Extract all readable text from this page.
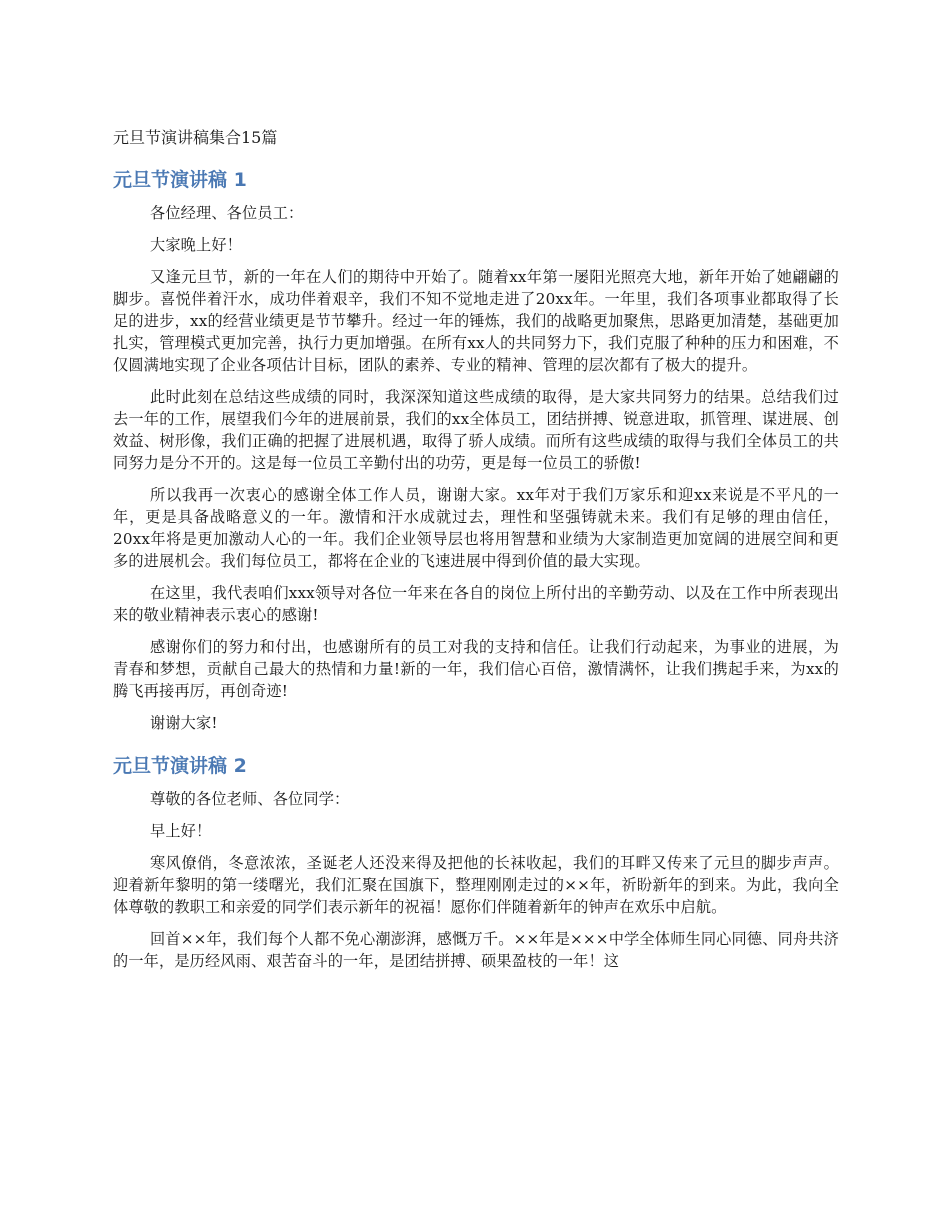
元旦节演讲稿集合15篇
元旦节演讲稿 1

各位经理、各位员工：

大家晚上好！

又逢元旦节，新的一年在人们的期待中开始了。随着xx年第一屡阳光照亮大地，新年开始了她翩翩的脚步。喜悦伴着汗水，成功伴着艰辛，我们不知不觉地走进了20xx年。一年里，我们各项事业都取得了长足的进步，xx的经营业绩更是节节攀升。经过一年的锤炼，我们的战略更加聚焦，思路更加清楚，基础更加扎实，管理模式更加完善，执行力更加增强。在所有xx人的共同努力下，我们克服了种种的压力和困难，不仅圆满地实现了企业各项估计目标，团队的素养、专业的精神、管理的层次都有了极大的提升。

此时此刻在总结这些成绩的同时，我深深知道这些成绩的取得，是大家共同努力的结果。总结我们过去一年的工作，展望我们今年的进展前景，我们的xx全体员工，团结拼搏、锐意进取，抓管理、谋进展、创效益、树形像，我们正确的把握了进展机遇，取得了骄人成绩。而所有这些成绩的取得与我们全体员工的共同努力是分不开的。这是每一位员工辛勤付出的功劳，更是每一位员工的骄傲!

所以我再一次衷心的感谢全体工作人员，谢谢大家。xx年对于我们万家乐和迎xx来说是不平凡的一年，更是具备战略意义的一年。激情和汗水成就过去，理性和坚强铸就未来。我们有足够的理由信任，20xx年将是更加激动人心的一年。我们企业领导层也将用智慧和业绩为大家制造更加宽阔的进展空间和更多的进展机会。我们每位员工，都将在企业的飞速进展中得到价值的最大实现。

在这里，我代表咱们xxx领导对各位一年来在各自的岗位上所付出的辛勤劳动、以及在工作中所表现出来的敬业精神表示衷心的感谢!

感谢你们的努力和付出，也感谢所有的员工对我的支持和信任。让我们行动起来，为事业的进展，为青春和梦想，贡献自己最大的热情和力量!新的一年，我们信心百倍，激情满怀，让我们携起手来，为xx的腾飞再接再厉，再创奇迹!

谢谢大家!

元旦节演讲稿 2

尊敬的各位老师、各位同学：

早上好！

寒风僚俏，冬意浓浓，圣诞老人还没来得及把他的长袜收起，我们的耳畔又传来了元旦的脚步声声。迎着新年黎明的第一缕曙光，我们汇聚在国旗下，整理刚刚走过的××年，祈盼新年的到来。为此，我向全体尊敬的教职工和亲爱的同学们表示新年的祝福！愿你们伴随着新年的钟声在欢乐中启航。

回首××年，我们每个人都不免心潮澎湃，感慨万千。××年是×××中学全体师生同心同德、同舟共济的一年，是历经风雨、艰苦奋斗的一年，是团结拼搏、硕果盈枝的一年！这
